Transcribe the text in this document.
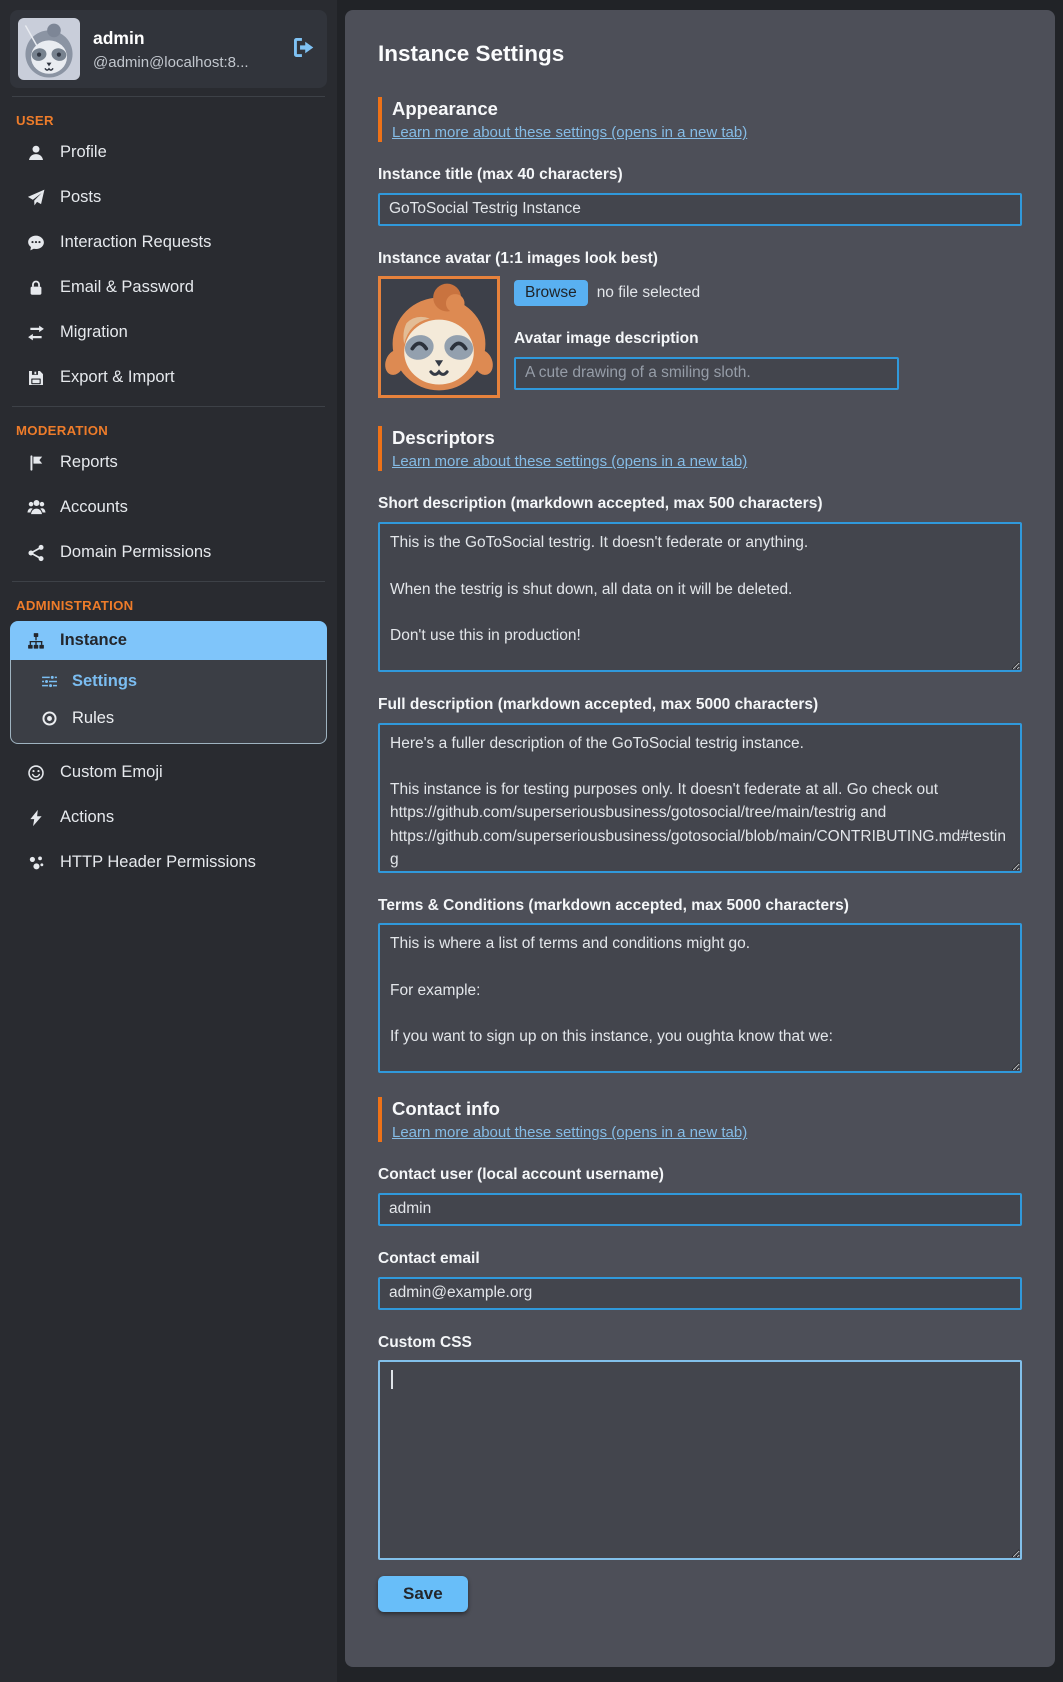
admin
@admin@localhost:8...
USER
Profile
Posts
Interaction Requests
Email & Password
Migration
Export & Import
MODERATION
Reports
Accounts
Domain Permissions
ADMINISTRATION
Instance
Settings
Rules
Custom Emoji
Actions
HTTP Header Permissions
Instance Settings
Appearance
Learn more about these settings (opens in a new tab)
Instance title (max 40 characters)
GoToSocial Testrig Instance
Instance avatar (1:1 images look best)
Browse	no file selected
Avatar image description
A cute drawing of a smiling sloth.
Descriptors
Learn more about these settings (opens in a new tab)
Short description (markdown accepted, max 500 characters)
This is the GoToSocial testrig. It doesn't federate or anything. When the testrig is shut down, all data on it will be deleted. Don't use this in production!
Full description (markdown accepted, max 5000 characters)
Here's a fuller description of the GoToSocial testrig instance. This instance is for testing purposes only. It doesn't federate at all. Go check out https://github.com/superseriousbusiness/gotosocial/tree/main/testrig and https://github.com/superseriousbusiness/gotosocial/blob/main/CONTRIBUTING.md#testing
Terms & Conditions (markdown accepted, max 5000 characters)
This is where a list of terms and conditions might go. For example: If you want to sign up on this instance, you oughta know that we:
Contact info
Learn more about these settings (opens in a new tab)
Contact user (local account username)
admin
Contact email
admin@example.org
Custom CSS
Save
